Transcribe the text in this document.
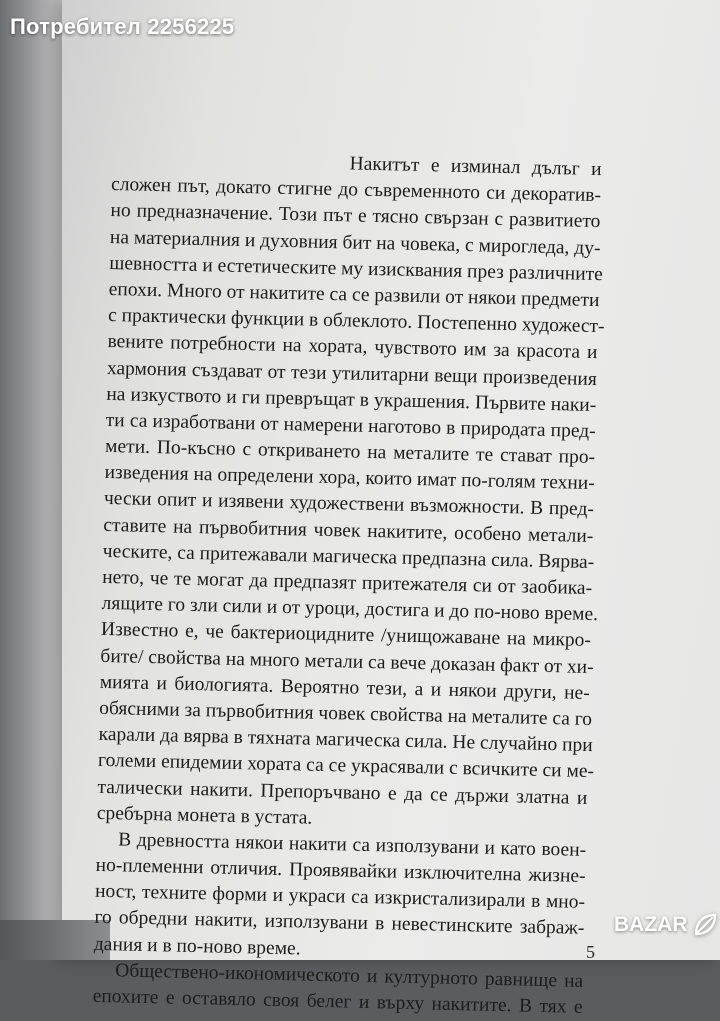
Потребител 2256225
Накитът е изминал дълъг и
сложен път, докато стигне до съвременното си декоратив-
но предназначение. Този път е тясно свързан с развитието
на материалния и духовния бит на човека, с мирогледа, ду-
шевността и естетическите му изисквания през различните
епохи. Много от накитите са се развили от някои предмети
с практически функции в облеклото. Постепенно художест-
вените потребности на хората, чувството им за красота и
хармония създават от тези утилитарни вещи произведения
на изкуството и ги превръщат в украшения. Първите наки-
ти са изработвани от намерени наготово в природата пред-
мети. По-късно с откриването на металите те стават про-
изведения на определени хора, които имат по-голям техни-
чески опит и изявени художествени възможности. В пред-
ставите на първобитния човек накитите, особено метали-
ческите, са притежавали магическа предпазна сила. Вярва-
нето, че те могат да предпазят притежателя си от заобика-
лящите го зли сили и от уроци, достига и до по-ново време.
Известно е, че бактериоцидните /унищожаване на микро-
бите/ свойства на много метали са вече доказан факт от хи-
мията и биологията. Вероятно тези, а и някои други, не-
обясними за първобитния човек свойства на металите са го
карали да вярва в тяхната магическа сила. Не случайно при
големи епидемии хората са се украсявали с всичките си ме-
талически накити. Препоръчвано е да се държи златна и
сребърна монета в устата.
В древността някои накити са използувани и като воен-
но-племенни отличия. Проявявайки изключителна жизне-
ност, техните форми и украси са изкристализирали в мно-
го обредни накити, използувани в невестинските забраж-
дания и в по-ново време.
Обществено-икономическото и културното равнище на
епохите е оставяло своя белег и върху накитите. В тях е
5
BAZAR
